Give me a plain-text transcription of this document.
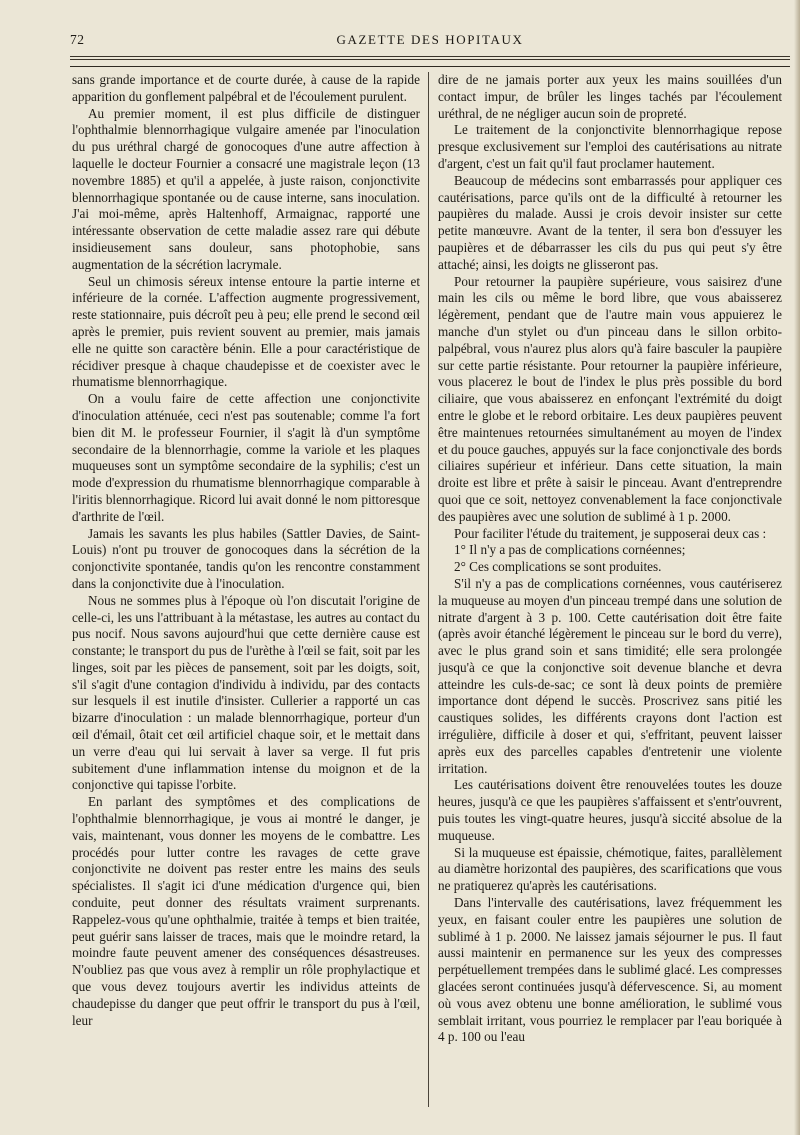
72	GAZETTE DES HOPITAUX

sans grande importance et de courte durée, à cause de la rapide apparition du gonflement palpébral et de l'écoulement purulent.

Au premier moment, il est plus difficile de distinguer l'ophthalmie blennorrhagique vulgaire amenée par l'inoculation du pus uréthral chargé de gonocoques d'une autre affection à laquelle le docteur Fournier a consacré une magistrale leçon (13 novembre 1885) et qu'il a appelée, à juste raison, conjonctivite blennorrhagique spontanée ou de cause interne, sans inoculation. J'ai moi-même, après Haltenhoff, Armaignac, rapporté une intéressante observation de cette maladie assez rare qui débute insidieusement sans douleur, sans photophobie, sans augmentation de la sécrétion lacrymale.

Seul un chimosis séreux intense entoure la partie interne et inférieure de la cornée. L'affection augmente progressivement, reste stationnaire, puis décroît peu à peu; elle prend le second œil après le premier, puis revient souvent au premier, mais jamais elle ne quitte son caractère bénin. Elle a pour caractéristique de récidiver presque à chaque chaudepisse et de coexister avec le rhumatisme blennorrhagique.

On a voulu faire de cette affection une conjonctivite d'inoculation atténuée, ceci n'est pas soutenable; comme l'a fort bien dit M. le professeur Fournier, il s'agit là d'un symptôme secondaire de la blennorrhagie, comme la variole et les plaques muqueuses sont un symptôme secondaire de la syphilis; c'est un mode d'expression du rhumatisme blennorrhagique comparable à l'iritis blennorrhagique. Ricord lui avait donné le nom pittoresque d'arthrite de l'œil.

Jamais les savants les plus habiles (Sattler Davies, de Saint-Louis) n'ont pu trouver de gonocoques dans la sécrétion de la conjonctivite spontanée, tandis qu'on les rencontre constamment dans la conjonctivite due à l'inoculation.

Nous ne sommes plus à l'époque où l'on discutait l'origine de celle-ci, les uns l'attribuant à la métastase, les autres au contact du pus nocif. Nous savons aujourd'hui que cette dernière cause est constante; le transport du pus de l'urèthe à l'œil se fait, soit par les linges, soit par les pièces de pansement, soit par les doigts, soit, s'il s'agit d'une contagion d'individu à individu, par des contacts sur lesquels il est inutile d'insister. Cullerier a rapporté un cas bizarre d'inoculation : un malade blennorrhagique, porteur d'un œil d'émail, ôtait cet œil artificiel chaque soir, et le mettait dans un verre d'eau qui lui servait à laver sa verge. Il fut pris subitement d'une inflammation intense du moignon et de la conjonctive qui tapisse l'orbite.

En parlant des symptômes et des complications de l'ophthalmie blennorrhagique, je vous ai montré le danger, je vais, maintenant, vous donner les moyens de le combattre. Les procédés pour lutter contre les ravages de cette grave conjonctivite ne doivent pas rester entre les mains des seuls spécialistes. Il s'agit ici d'une médication d'urgence qui, bien conduite, peut donner des résultats vraiment surprenants. Rappelez-vous qu'une ophthalmie, traitée à temps et bien traitée, peut guérir sans laisser de traces, mais que le moindre retard, la moindre faute peuvent amener des conséquences désastreuses. N'oubliez pas que vous avez à remplir un rôle prophylactique et que vous devez toujours avertir les individus atteints de chaudepisse du danger que peut offrir le transport du pus à l'œil, leur

dire de ne jamais porter aux yeux les mains souillées d'un contact impur, de brûler les linges tachés par l'écoulement uréthral, de ne négliger aucun soin de propreté.

Le traitement de la conjonctivite blennorrhagique repose presque exclusivement sur l'emploi des cautérisations au nitrate d'argent, c'est un fait qu'il faut proclamer hautement.

Beaucoup de médecins sont embarrassés pour appliquer ces cautérisations, parce qu'ils ont de la difficulté à retourner les paupières du malade. Aussi je crois devoir insister sur cette petite manœuvre. Avant de la tenter, il sera bon d'essuyer les paupières et de débarrasser les cils du pus qui peut s'y être attaché; ainsi, les doigts ne glisseront pas.

Pour retourner la paupière supérieure, vous saisirez d'une main les cils ou même le bord libre, que vous abaisserez légèrement, pendant que de l'autre main vous appuierez le manche d'un stylet ou d'un pinceau dans le sillon orbito-palpébral, vous n'aurez plus alors qu'à faire basculer la paupière sur cette partie résistante. Pour retourner la paupière inférieure, vous placerez le bout de l'index le plus près possible du bord ciliaire, que vous abaisserez en enfonçant l'extrémité du doigt entre le globe et le rebord orbitaire. Les deux paupières peuvent être maintenues retournées simultanément au moyen de l'index et du pouce gauches, appuyés sur la face conjonctivale des bords ciliaires supérieur et inférieur. Dans cette situation, la main droite est libre et prête à saisir le pinceau. Avant d'entreprendre quoi que ce soit, nettoyez convenablement la face conjonctivale des paupières avec une solution de sublimé à 1 p. 2000.

Pour faciliter l'étude du traitement, je supposerai deux cas :

1° Il n'y a pas de complications cornéennes;

2° Ces complications se sont produites.

S'il n'y a pas de complications cornéennes, vous cautériserez la muqueuse au moyen d'un pinceau trempé dans une solution de nitrate d'argent à 3 p. 100. Cette cautérisation doit être faite (après avoir étanché légèrement le pinceau sur le bord du verre), avec le plus grand soin et sans timidité; elle sera prolongée jusqu'à ce que la conjonctive soit devenue blanche et devra atteindre les culs-de-sac; ce sont là deux points de première importance dont dépend le succès. Proscrivez sans pitié les caustiques solides, les différents crayons dont l'action est irrégulière, difficile à doser et qui, s'effritant, peuvent laisser après eux des parcelles capables d'entretenir une violente irritation.

Les cautérisations doivent être renouvelées toutes les douze heures, jusqu'à ce que les paupières s'affaissent et s'entr'ouvrent, puis toutes les vingt-quatre heures, jusqu'à siccité absolue de la muqueuse.

Si la muqueuse est épaissie, chémotique, faites, parallèlement au diamètre horizontal des paupières, des scarifications que vous ne pratiquerez qu'après les cautérisations.

Dans l'intervalle des cautérisations, lavez fréquemment les yeux, en faisant couler entre les paupières une solution de sublimé à 1 p. 2000. Ne laissez jamais séjourner le pus. Il faut aussi maintenir en permanence sur les yeux des compresses perpétuellement trempées dans le sublimé glacé. Les compresses glacées seront continuées jusqu'à défervescence. Si, au moment où vous avez obtenu une bonne amélioration, le sublimé vous semblait irritant, vous pourriez le remplacer par l'eau boriquée à 4 p. 100 ou l'eau
